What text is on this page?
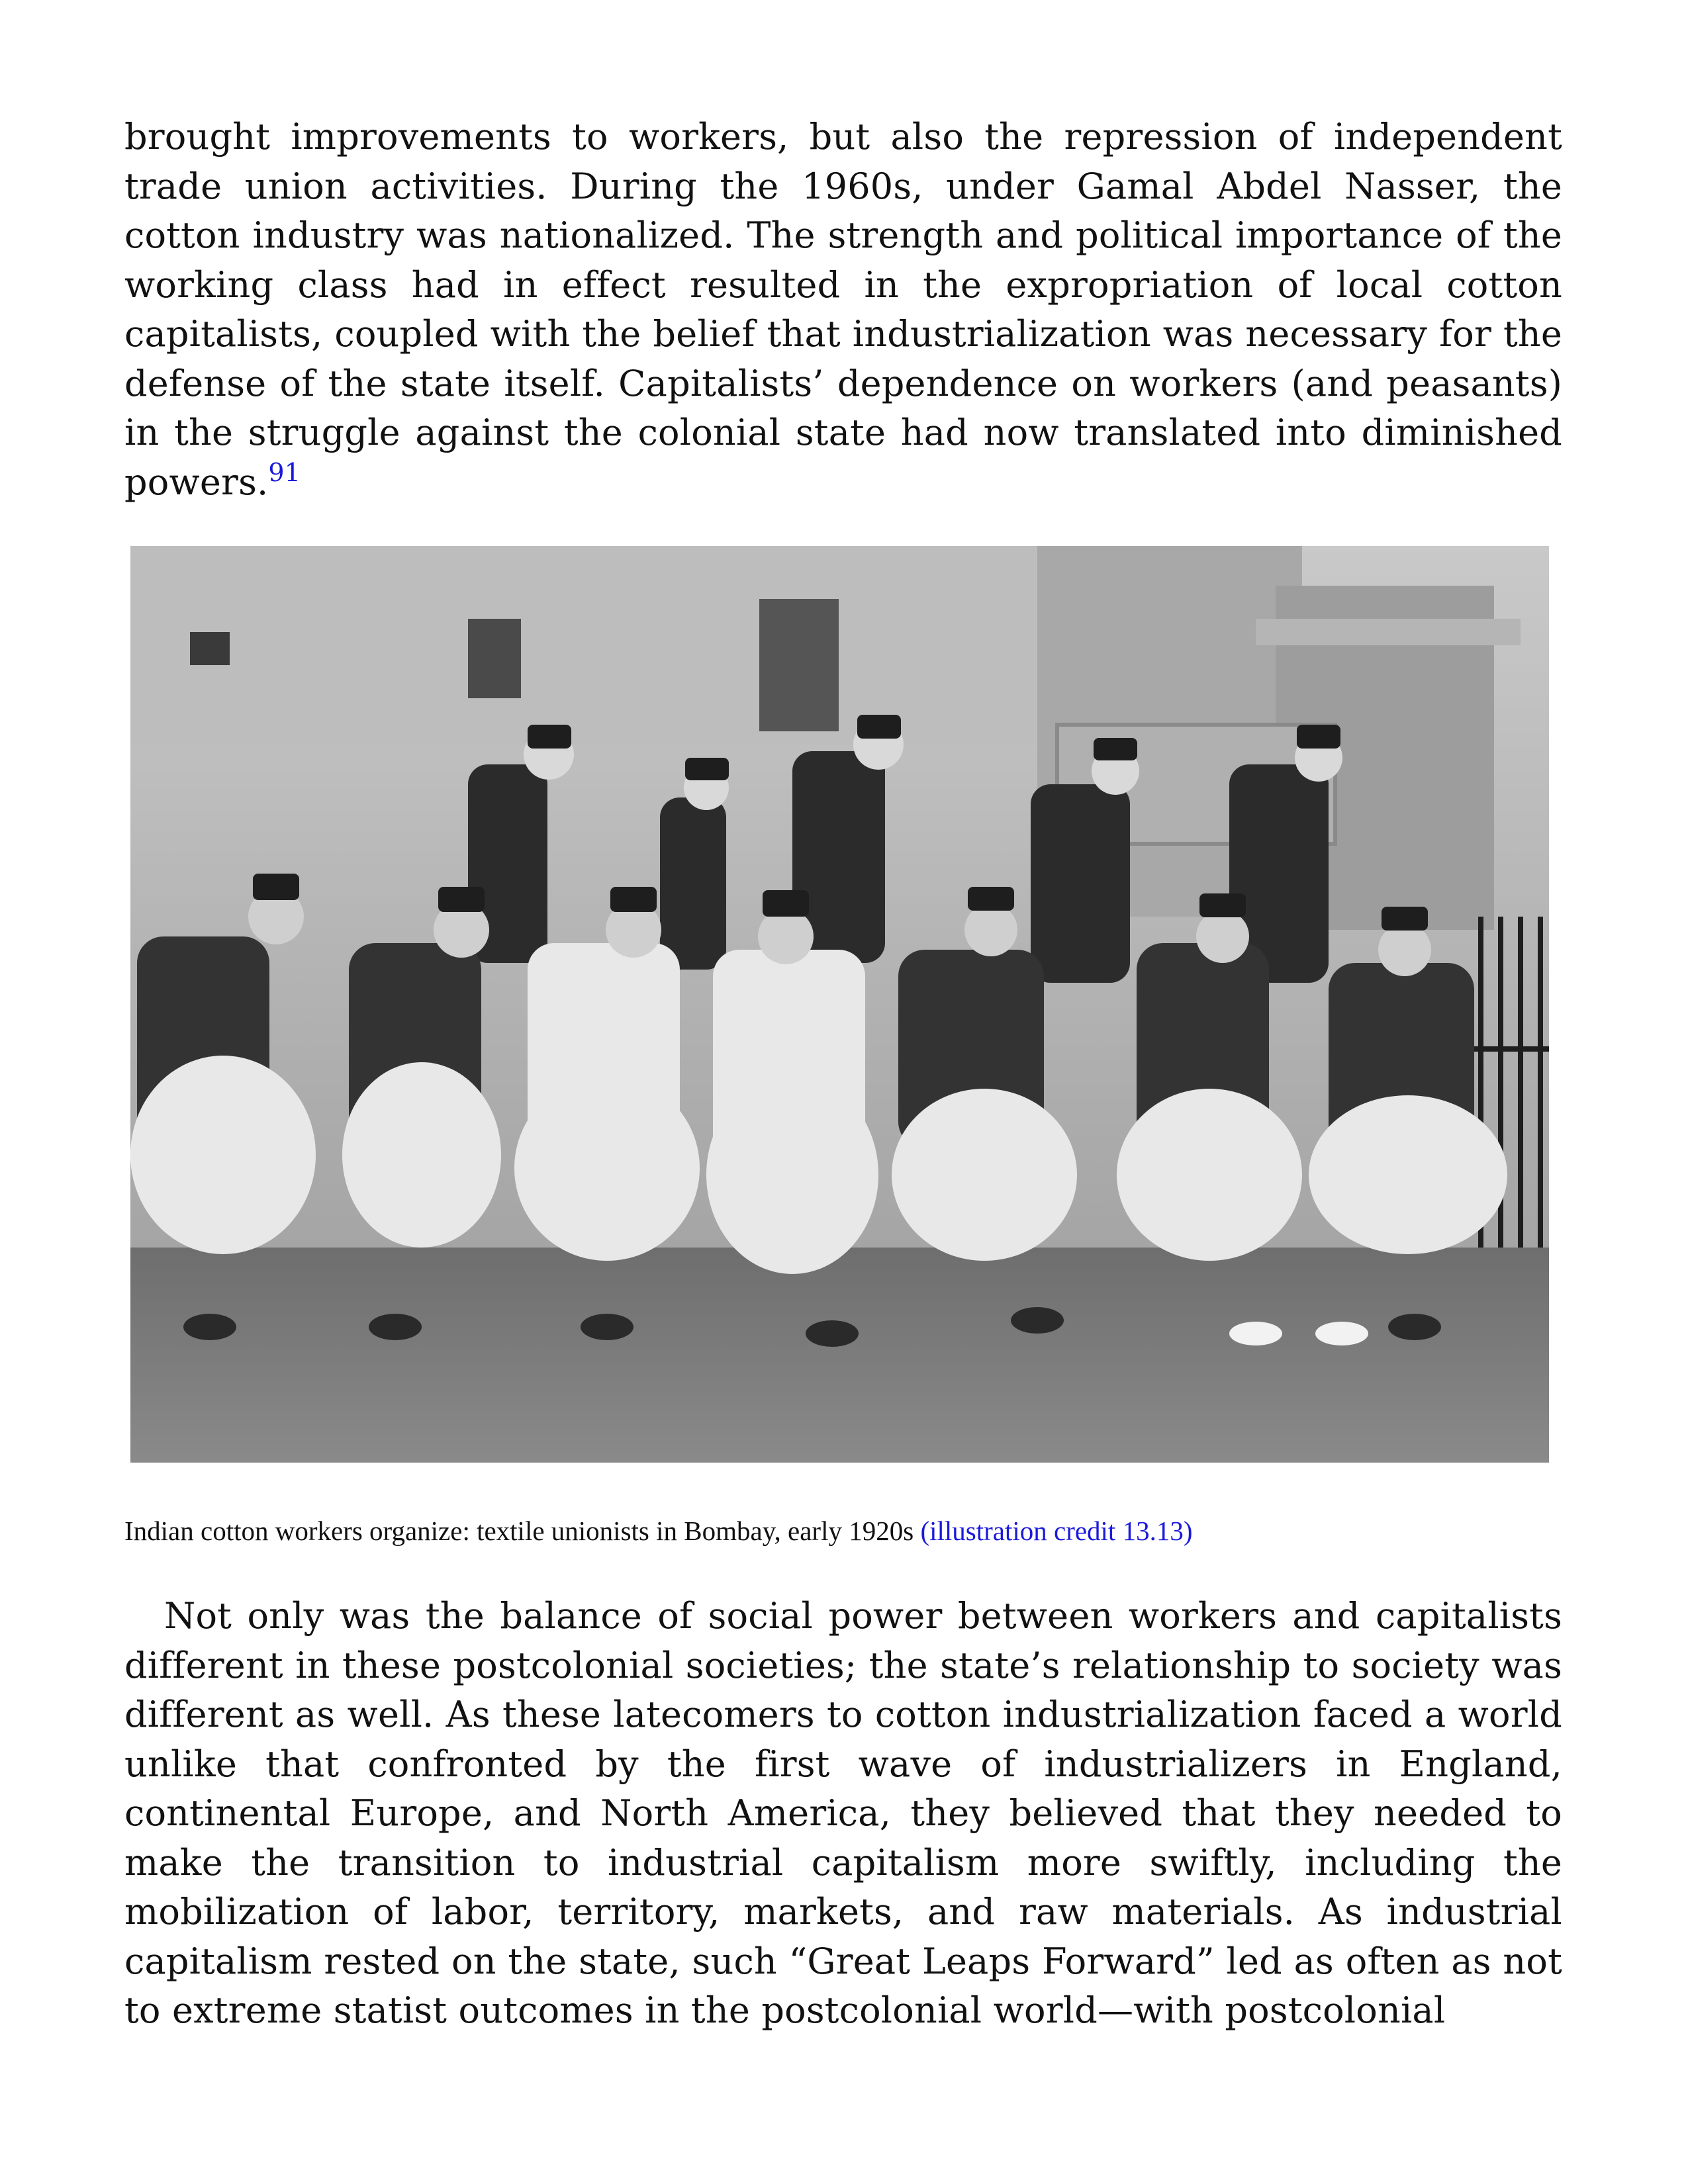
brought improvements to workers, but also the repression of independent trade union activities. During the 1960s, under Gamal Abdel Nasser, the cotton industry was nationalized. The strength and political importance of the working class had in effect resulted in the expropriation of local cotton capitalists, coupled with the belief that industrialization was necessary for the defense of the state itself. Capitalists’ dependence on workers (and peasants) in the struggle against the colonial state had now translated into diminished powers.$^{91}$

Indian cotton workers organize: textile unionists in Bombay, early 1920s (illustration credit 13.13)

Not only was the balance of social power between workers and capitalists different in these postcolonial societies; the state’s relationship to society was different as well. As these latecomers to cotton industrialization faced a world unlike that confronted by the first wave of industrializers in England, continental Europe, and North America, they believed that they needed to make the transition to industrial capitalism more swiftly, including the mobilization of labor, territory, markets, and raw materials. As industrial capitalism rested on the state, such “Great Leaps Forward” led as often as not to extreme statist outcomes in the postcolonial world—with postcolonial
